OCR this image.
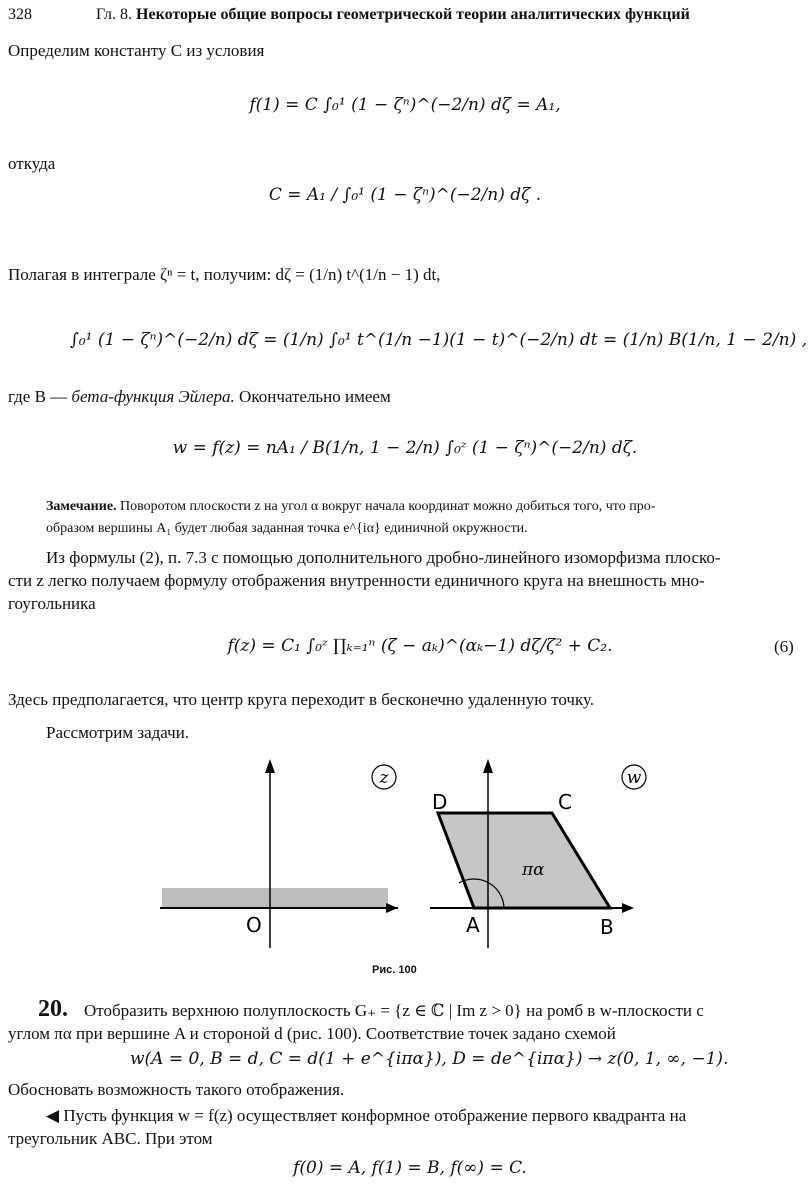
328	Гл. 8. Некоторые общие вопросы геометрической теории аналитических функций
Определим константу C из условия
f(1) = C ∫₀¹ (1 − ζⁿ)^(−2/n) dζ = A₁,
откуда
C = A₁ / ∫₀¹ (1 − ζⁿ)^(−2/n) dζ .
Полагая в интеграле ζⁿ = t, получим: dζ = (1/n) t^(1/n − 1) dt,
∫₀¹ (1 − ζⁿ)^(−2/n) dζ = (1/n) ∫₀¹ t^(1/n −1)(1 − t)^(−2/n) dt = (1/n) B(1/n, 1 − 2/n) ,
где B — бета-функция Эйлера. Окончательно имеем
w = f(z) = nA₁ / B(1/n, 1 − 2/n) ∫₀ᶻ (1 − ζⁿ)^(−2/n) dζ.
Замечание. Поворотом плоскости z на угол α вокруг начала координат можно добиться того, что про-
образом вершины A₁ будет любая заданная точка e^{iα} единичной окружности.
Из формулы (2), п. 7.3 с помощью дополнительного дробно-линейного изоморфизма плоско-
сти z легко получаем формулу отображения внутренности единичного круга на внешность мно-
гоугольника
f(z) = C₁ ∫₀ᶻ ∏ₖ₌₁ⁿ (ζ − aₖ)^(αₖ−1) dζ/ζ² + C₂.	(6)
Здесь предполагается, что центр круга переходит в бесконечно удаленную точку.
Рассмотрим задачи.
z
O
πα
w
D	C
A	B
Рис. 100
20. Отобразить верхнюю полуплоскость G₊ = {z ∈ ℂ | Im z > 0} на ромб в w-плоскости с
углом πα при вершине A и стороной d (рис. 100). Соответствие точек задано схемой
w(A = 0, B = d, C = d(1 + e^{iπα}), D = de^{iπα}) → z(0, 1, ∞, −1).
Обосновать возможность такого отображения.
◀ Пусть функция w = f(z) осуществляет конформное отображение первого квадранта на
треугольник ABC. При этом
f(0) = A, f(1) = B, f(∞) = C.
